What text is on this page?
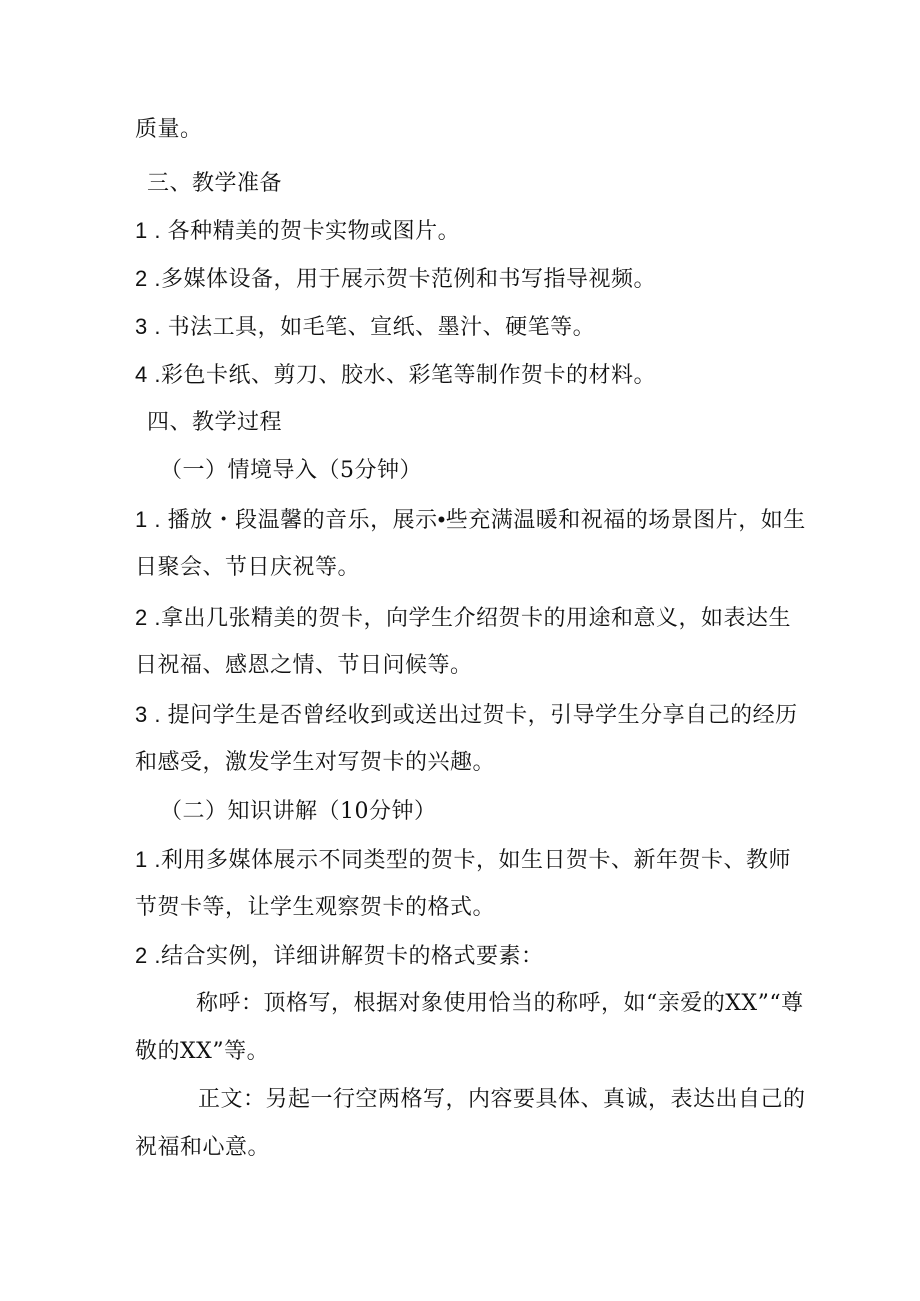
质量。
三、教学准备
1 . 各种精美的贺卡实物或图片。
2 .多媒体设备，用于展示贺卡范例和书写指导视频。
3 . 书法工具，如毛笔、宣纸、墨汁、硬笔等。
4 .彩色卡纸、剪刀、胶水、彩笔等制作贺卡的材料。
四、教学过程
（一）情境导入（5分钟）
1 . 播放・段温馨的音乐，展示•些充满温暖和祝福的场景图片，如生
日聚会、节日庆祝等。
2 .拿出几张精美的贺卡，向学生介绍贺卡的用途和意义，如表达生
日祝福、感恩之情、节日问候等。
3 . 提问学生是否曾经收到或送出过贺卡，引导学生分享自己的经历
和感受，激发学生对写贺卡的兴趣。
（二）知识讲解（10分钟）
1 .利用多媒体展示不同类型的贺卡，如生日贺卡、新年贺卡、教师
节贺卡等，让学生观察贺卡的格式。
2 .结合实例，详细讲解贺卡的格式要素：
称呼：顶格写，根据对象使用恰当的称呼，如“亲爱的XX”“尊
敬的XX”等。
正文：另起一行空两格写，内容要具体、真诚，表达出自己的
祝福和心意。
